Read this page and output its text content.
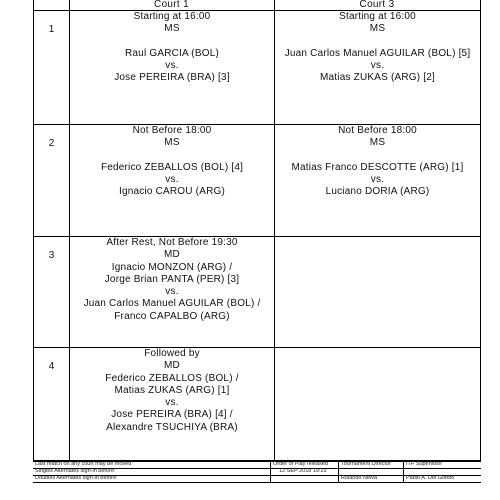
Court 1	Court 3
1
Starting at 16:00
MS
Raul GARCIA (BOL)
vs.
Jose PEREIRA (BRA) [3]
Starting at 16:00
MS
Juan Carlos Manuel AGUILAR (BOL) [5]
vs.
Matias ZUKAS (ARG) [2]
2
Not Before 18:00
MS
Federico ZEBALLOS (BOL) [4]
vs.
Ignacio CAROU (ARG)
Not Before 18:00
MS
Matias Franco DESCOTTE (ARG) [1]
vs.
Luciano DORIA (ARG)
3
After Rest, Not Before 19:30
MD
Ignacio MONZON (ARG) /
Jorge Brian PANTA (PER) [3]
vs.
Juan Carlos Manuel AGUILAR (BOL) /
Franco CAPALBO (ARG)
4
Followed by
MD
Federico ZEBALLOS (BOL) /
Matias ZUKAS (ARG) [1]
vs.
Jose PEREIRA (BRA) [4] /
Alexandre TSUCHIYA (BRA)
Last match on any court may be moved
Singles Alternates sign-in before:
Doubles Alternates sign-in before:
Order of Play released
12 SEP 2018 19:23
Tournament Director
Rolando Nieva
ITF Supervisor
Pablo A. Del Gobbo
